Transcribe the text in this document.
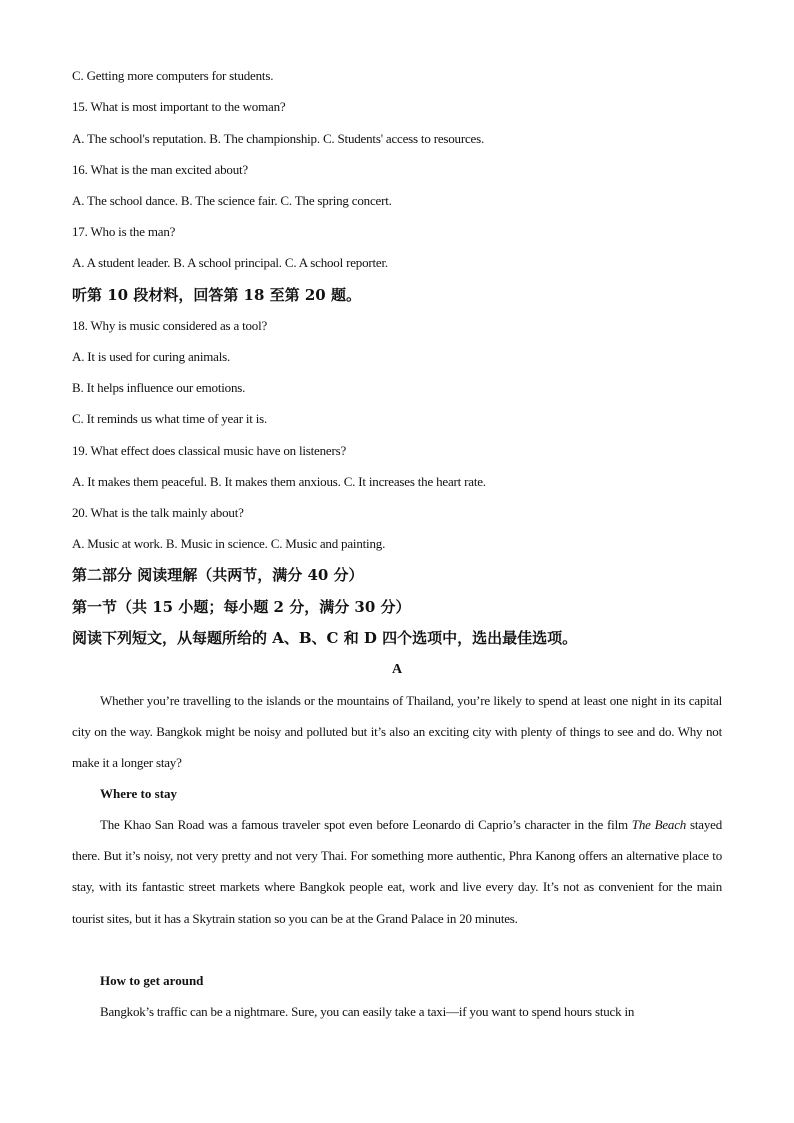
C. Getting more computers for students.
15. What is most important to the woman?
A. The school's reputation. B. The championship. C. Students' access to resources.
16. What is the man excited about?
A. The school dance. B. The science fair. C. The spring concert.
17. Who is the man?
A. A student leader. B. A school principal. C. A school reporter.
听第 10 段材料，回答第 18 至第 20 题。
18. Why is music considered as a tool?
A. It is used for curing animals.
B. It helps influence our emotions.
C. It reminds us what time of year it is.
19. What effect does classical music have on listeners?
A. It makes them peaceful. B. It makes them anxious. C. It increases the heart rate.
20. What is the talk mainly about?
A. Music at work. B. Music in science. C. Music and painting.
第二部分 阅读理解（共两节，满分 40 分）
第一节（共 15 小题；每小题 2 分，满分 30 分）
阅读下列短文，从每题所给的 A、B、C 和 D 四个选项中，选出最佳选项。
A
Whether you’re travelling to the islands or the mountains of Thailand, you’re likely to spend at least one night in its capital city on the way. Bangkok might be noisy and polluted but it’s also an exciting city with plenty of things to see and do. Why not make it a longer stay?
Where to stay
The Khao San Road was a famous traveler spot even before Leonardo di Caprio’s character in the film The Beach stayed there. But it’s noisy, not very pretty and not very Thai. For something more authentic, Phra Kanong offers an alternative place to stay, with its fantastic street markets where Bangkok people eat, work and live every day. It’s not as convenient for the main tourist sites, but it has a Skytrain station so you can be at the Grand Palace in 20 minutes.
How to get around
Bangkok’s traffic can be a nightmare. Sure, you can easily take a taxi—if you want to spend hours stuck in
